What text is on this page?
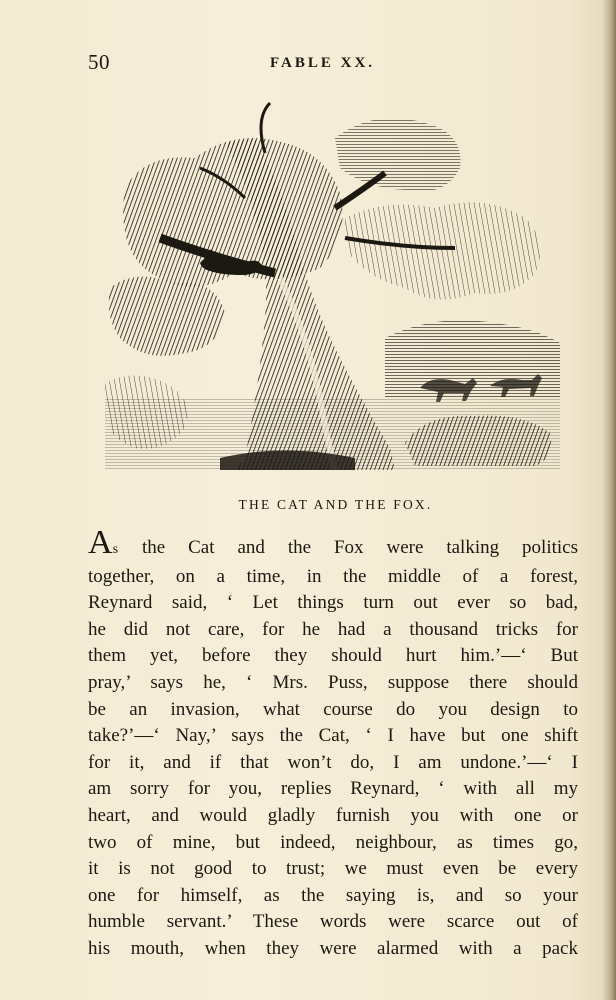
50	FABLE XX.
THE CAT AND THE FOX.
As the Cat and the Fox were talking politics
together, on a time, in the middle of a forest,
Reynard said, ‘ Let things turn out ever so bad,
he did not care, for he had a thousand tricks for
them yet, before they should hurt him.’—‘ But
pray,’ says he, ‘ Mrs. Puss, suppose there should
be an invasion, what course do you design to
take?’—‘ Nay,’ says the Cat, ‘ I have but one shift
for it, and if that won’t do, I am undone.’—‘ I
am sorry for you, replies Reynard, ‘ with all my
heart, and would gladly furnish you with one or
two of mine, but indeed, neighbour, as times go,
it is not good to trust; we must even be every
one for himself, as the saying is, and so your
humble servant.’ These words were scarce out of
his mouth, when they were alarmed with a pack
